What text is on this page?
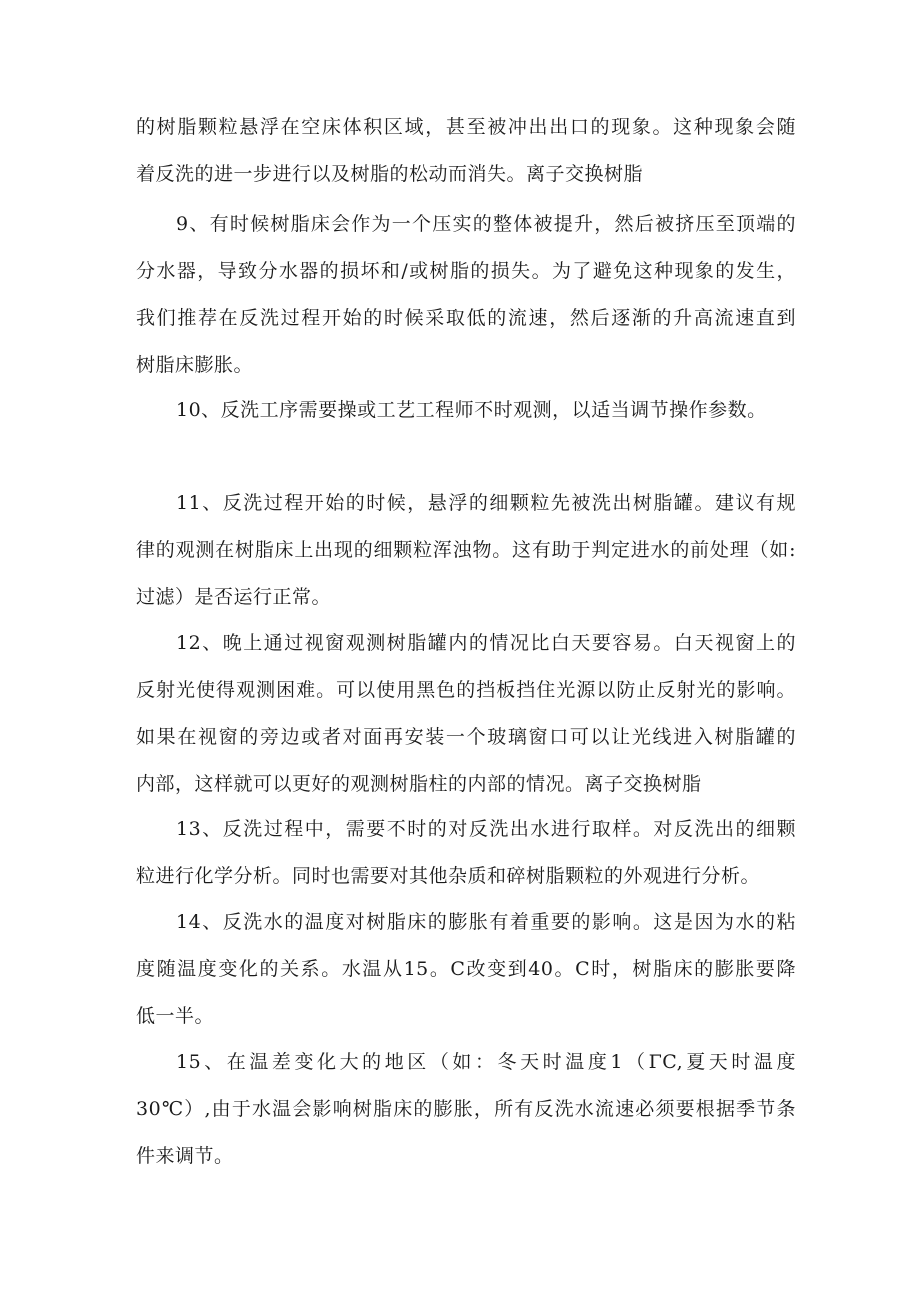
的树脂颗粒悬浮在空床体积区域，甚至被冲出出口的现象。这种现象会随
着反洗的进一步进行以及树脂的松动而消失。离子交换树脂
9、有时候树脂床会作为一个压实的整体被提升，然后被挤压至顶端的
分水器，导致分水器的损坏和/或树脂的损失。为了避免这种现象的发生，
我们推荐在反洗过程开始的时候采取低的流速，然后逐渐的升高流速直到
树脂床膨胀。
10、反洗工序需要操或工艺工程师不时观测，以适当调节操作参数。
11、反洗过程开始的时候，悬浮的细颗粒先被洗出树脂罐。建议有规
律的观测在树脂床上出现的细颗粒浑浊物。这有助于判定进水的前处理（如:
过滤）是否运行正常。
12、晚上通过视窗观测树脂罐内的情况比白天要容易。白天视窗上的
反射光使得观测困难。可以使用黑色的挡板挡住光源以防止反射光的影响。
如果在视窗的旁边或者对面再安装一个玻璃窗口可以让光线进入树脂罐的
内部，这样就可以更好的观测树脂柱的内部的情况。离子交换树脂
13、反洗过程中，需要不时的对反洗出水进行取样。对反洗出的细颗
粒进行化学分析。同时也需要对其他杂质和碎树脂颗粒的外观进行分析。
14、反洗水的温度对树脂床的膨胀有着重要的影响。这是因为水的粘
度随温度变化的关系。水温从15。C改变到40。C时，树脂床的膨胀要降
低一半。
15、在温差变化大的地区（如：冬天时温度1（ΓC,夏天时温度
30℃）,由于水温会影响树脂床的膨胀，所有反洗水流速必须要根据季节条
件来调节。
